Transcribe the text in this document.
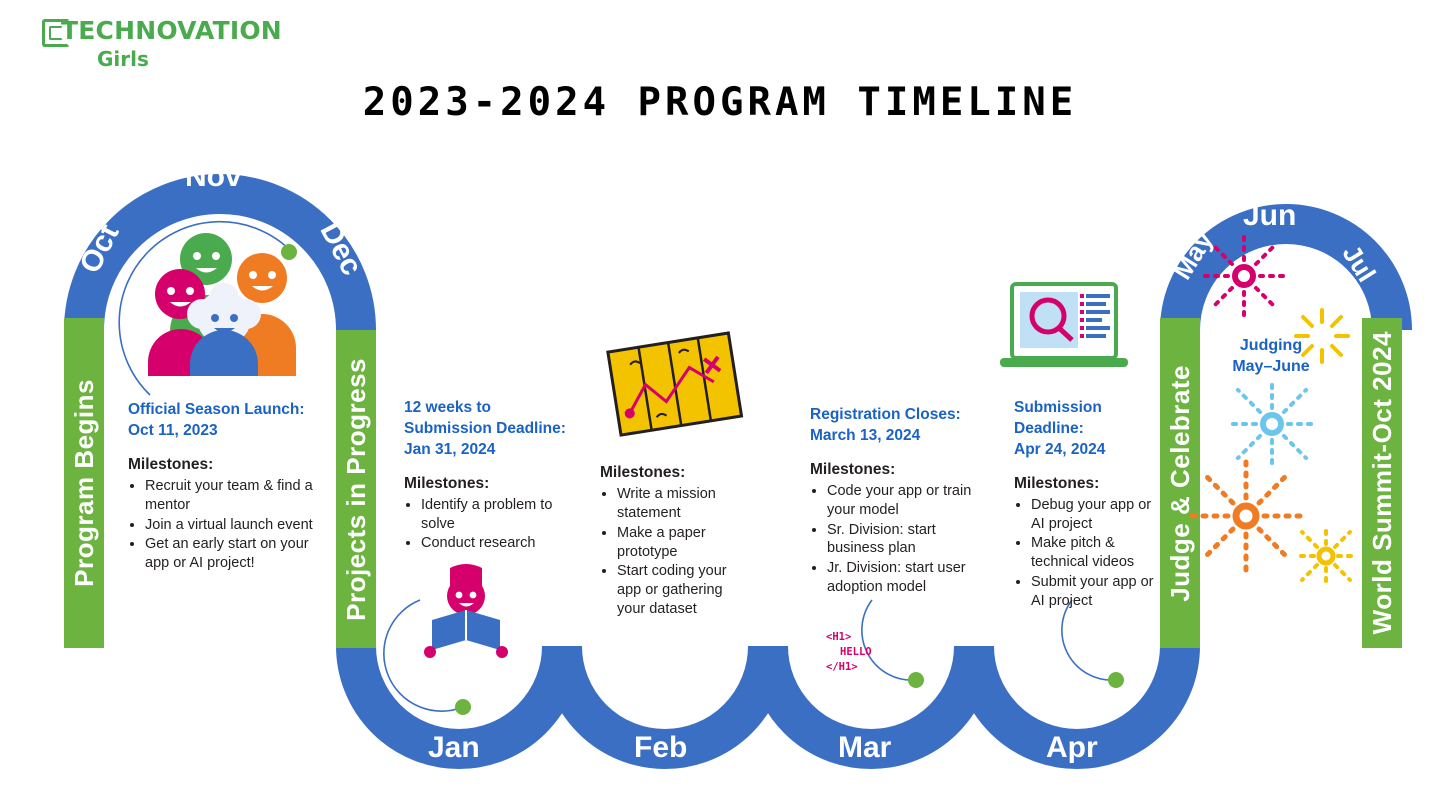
TECHNOVATION
Girls
2023-2024 PROGRAM TIMELINE
Program Begins	Projects in Progress	Judge & Celebrate	World Summit-Oct 2024
Oct
Nov
Dec
Jan	Feb	Mar	Apr
May
Jun
Jul
<H1>
HELLO
</H1>
Official Season Launch:
Oct 11, 2023
Milestones:
• Recruit your team & find a mentor
• Join a virtual launch event
• Get an early start on your app or AI project!
12 weeks to
Submission Deadline:
Jan 31, 2024
Milestones:
• Identify a problem to solve
• Conduct research
Milestones:
• Write a mission statement
• Make a paper prototype
• Start coding your app or gathering your dataset
Registration Closes:
March 13, 2024
Milestones:
• Code your app or train your model
• Sr. Division: start business plan
• Jr. Division: start user adoption model
Submission
Deadline:
Apr 24, 2024
Milestones:
• Debug your app or AI project
• Make pitch & technical videos
• Submit your app or AI project
Judging
May–June
